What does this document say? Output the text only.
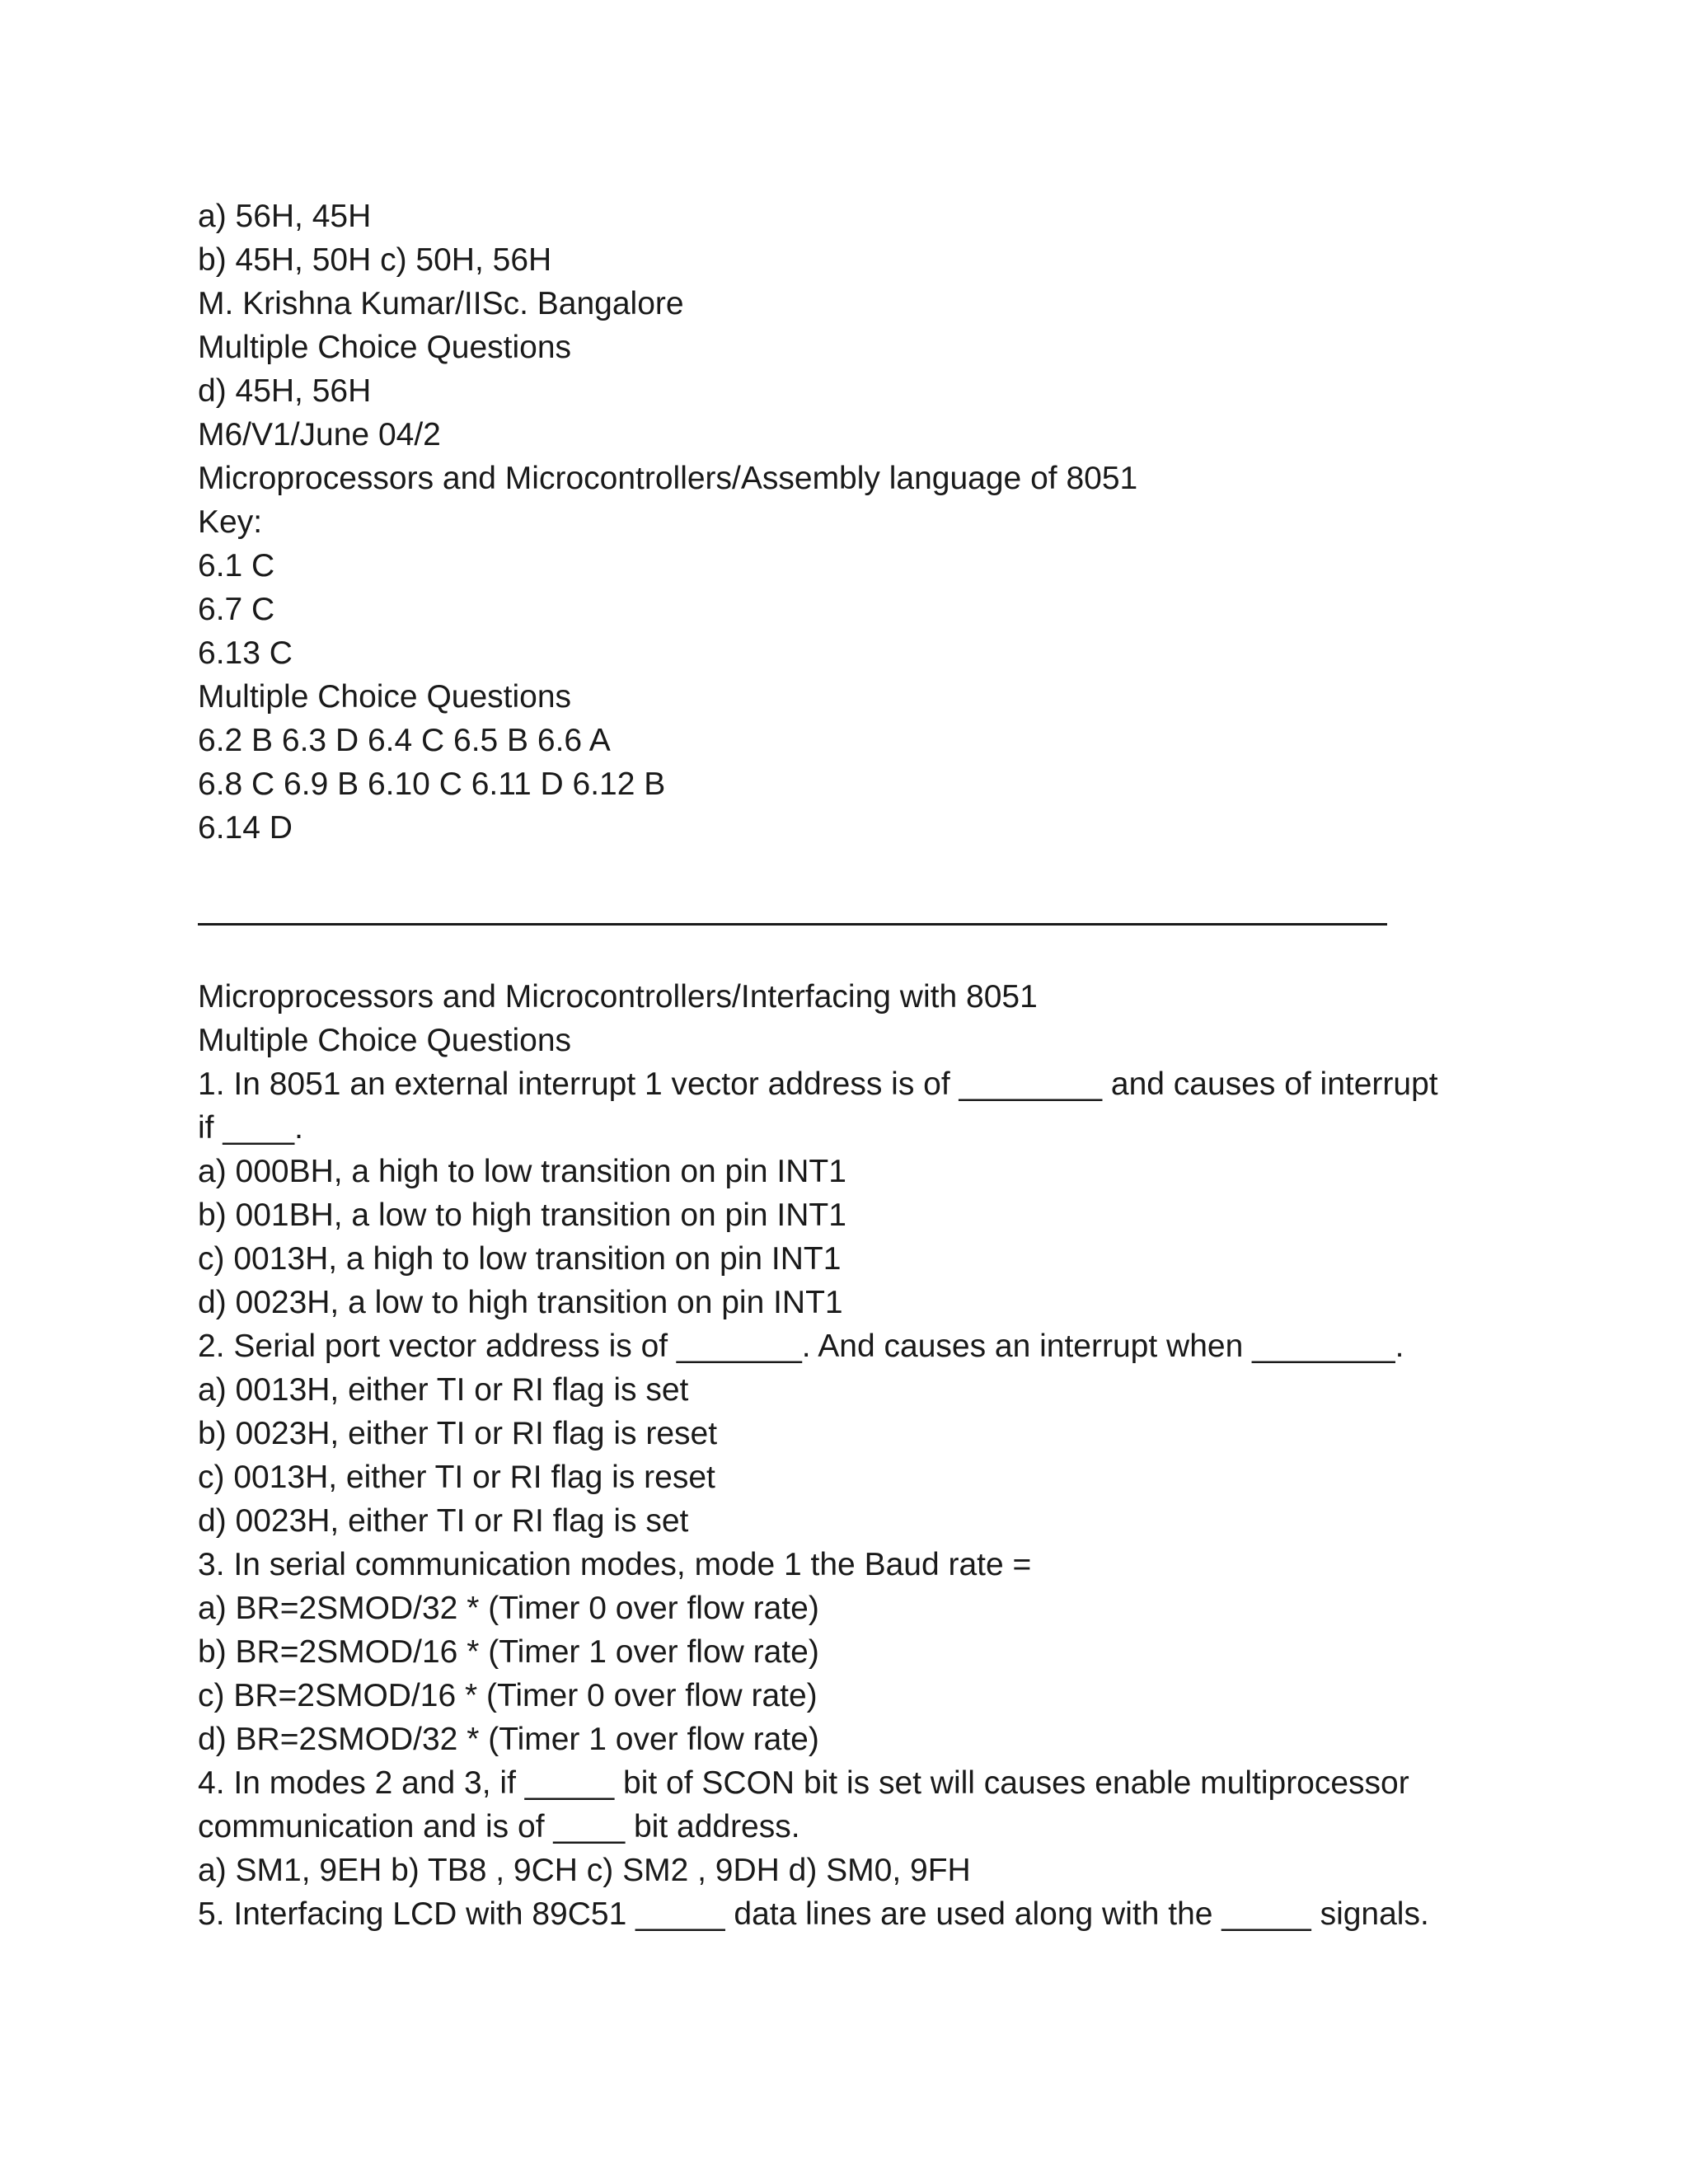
a) 56H, 45H

b) 45H, 50H c) 50H, 56H

M. Krishna Kumar/IISc. Bangalore

Multiple Choice Questions

d) 45H, 56H

M6/V1/June 04/2

Microprocessors and Microcontrollers/Assembly language of 8051

Key:

6.1 C

6.7 C

6.13 C

Multiple Choice Questions

6.2 B 6.3 D 6.4 C 6.5 B 6.6 A

6.8 C 6.9 B 6.10 C 6.11 D 6.12 B

6.14 D

Microprocessors and Microcontrollers/Interfacing with 8051

Multiple Choice Questions

1. In 8051 an external interrupt 1 vector address is of ________ and causes of interrupt

if ____.

a) 000BH, a high to low transition on pin INT1

b) 001BH, a low to high transition on pin INT1

c) 0013H, a high to low transition on pin INT1

d) 0023H, a low to high transition on pin INT1

2. Serial port vector address is of _______. And causes an interrupt when ________.

a) 0013H, either TI or RI flag is set

b) 0023H, either TI or RI flag is reset

c) 0013H, either TI or RI flag is reset

d) 0023H, either TI or RI flag is set

3. In serial communication modes, mode 1 the Baud rate =

a) BR=2SMOD/32 * (Timer 0 over flow rate)

b) BR=2SMOD/16 * (Timer 1 over flow rate)

c) BR=2SMOD/16 * (Timer 0 over flow rate)

d) BR=2SMOD/32 * (Timer 1 over flow rate)

4. In modes 2 and 3, if _____ bit of SCON bit is set will causes enable multiprocessor

communication and is of ____ bit address.

a) SM1, 9EH b) TB8 , 9CH c) SM2 , 9DH d) SM0, 9FH

5. Interfacing LCD with 89C51 _____ data lines are used along with the _____ signals.
